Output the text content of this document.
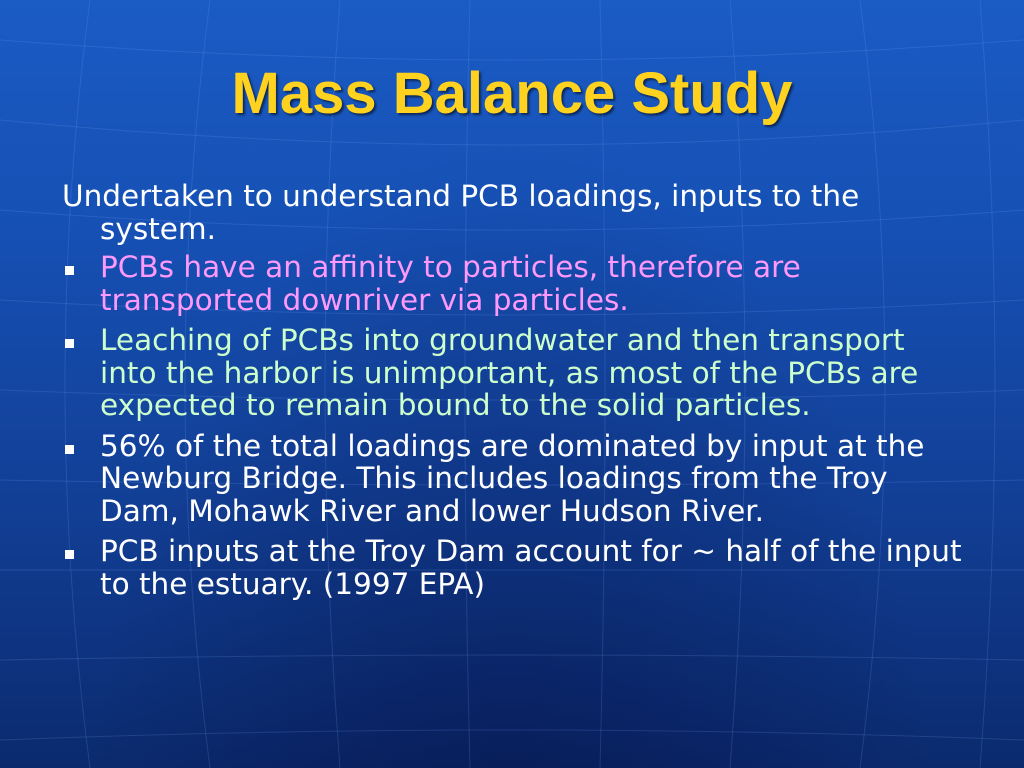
Mass Balance Study

Undertaken to understand PCB loadings, inputs to the system.

PCBs have an affinity to particles, therefore are transported downriver via particles.
Leaching of PCBs into groundwater and then transport into the harbor is unimportant, as most of the PCBs are expected to remain bound to the solid particles.
56% of the total loadings are dominated by input at the Newburg Bridge. This includes loadings from the Troy Dam, Mohawk River and lower Hudson River.
PCB inputs at the Troy Dam account for ~ half of the input to the estuary. (1997 EPA)
